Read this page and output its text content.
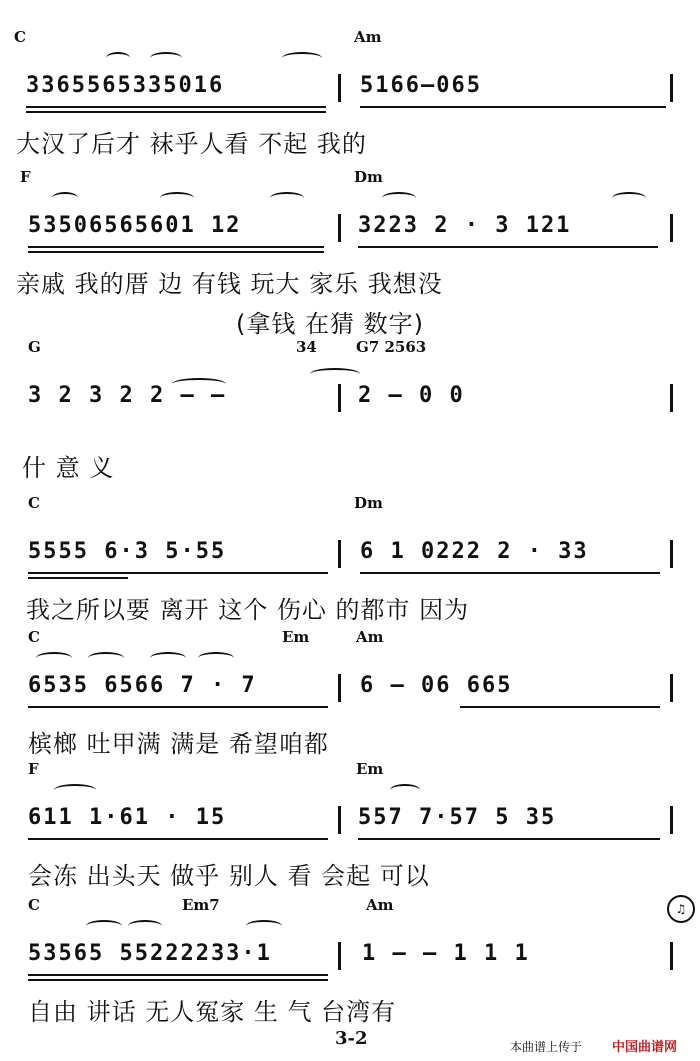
C	Am
3365565335016	5166—065
大汉了后才 袜乎人看 不起 我的
F	Dm
53506565601 12	3223 2 · 3 121
亲戚 我的厝 边 有钱 玩大 家乐 我想没
(拿钱 在猜 数字)
G	34	G7 2563
3 2 3 2 2 — —	2 — 0 0
什 意 义
C	Dm
5555 6·3 5·55	6 1 0222 2 · 33
我之所以要 离开 这个 伤心 的都市 因为
C	Em	Am
6535 6566 7 · 7	6 — 06 665
槟榔 吐甲满 满是 希望咱都
F	Em
611 1·61 · 15	557 7·57 5 35
会冻 出头天 做乎 别人 看 会起 可以
C	Em7	Am
53565 55222233·1	1 — — 1 1 1
自由 讲话 无人冤家 生 气 台湾有
♫
3-2	本曲谱上传于 中国曲谱网
